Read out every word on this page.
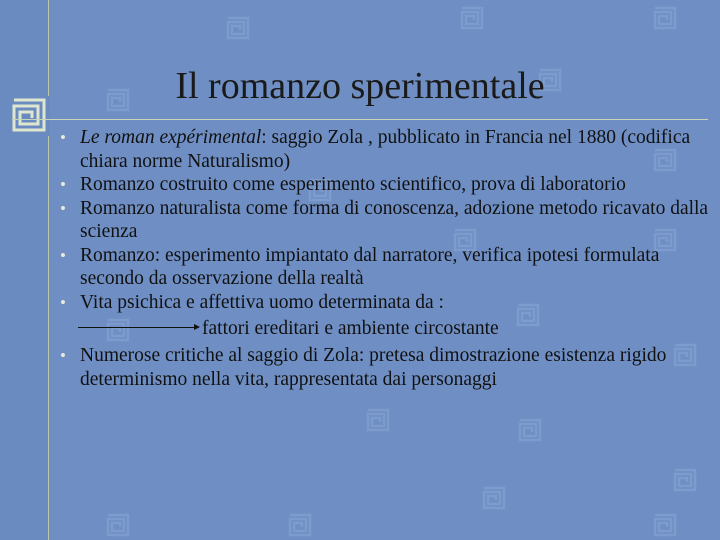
Il romanzo sperimentale
• Le roman expérimental: saggio Zola , pubblicato in Francia nel 1880 (codifica chiara norme Naturalismo)
• Romanzo costruito come esperimento scientifico, prova di laboratorio
• Romanzo naturalista come forma di conoscenza, adozione metodo ricavato dalla scienza
• Romanzo: esperimento impiantato dal narratore, verifica ipotesi formulata secondo da osservazione della realtà
• Vita psichica e affettiva uomo determinata da :
fattori ereditari e ambiente circostante
• Numerose critiche al saggio di Zola: pretesa dimostrazione esistenza rigido determinismo nella vita, rappresentata dai personaggi
